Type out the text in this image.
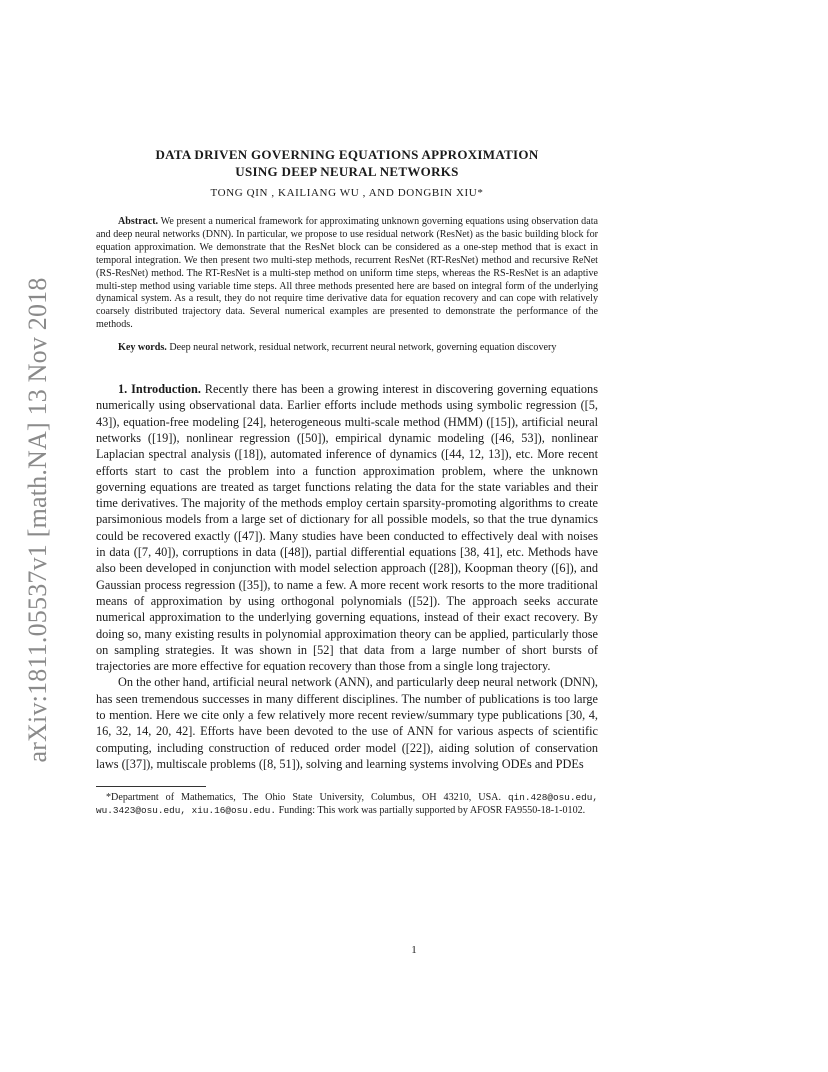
arXiv:1811.05537v1 [math.NA] 13 Nov 2018
DATA DRIVEN GOVERNING EQUATIONS APPROXIMATION
USING DEEP NEURAL NETWORKS
TONG QIN , KAILIANG WU , AND DONGBIN XIU*

Abstract. We present a numerical framework for approximating unknown governing equations using observation data and deep neural networks (DNN). In particular, we propose to use residual network (ResNet) as the basic building block for equation approximation. We demonstrate that the ResNet block can be considered as a one-step method that is exact in temporal integration. We then present two multi-step methods, recurrent ResNet (RT-ResNet) method and recursive ReNet (RS-ResNet) method. The RT-ResNet is a multi-step method on uniform time steps, whereas the RS-ResNet is an adaptive multi-step method using variable time steps. All three methods presented here are based on integral form of the underlying dynamical system. As a result, they do not require time derivative data for equation recovery and can cope with relatively coarsely distributed trajectory data. Several numerical examples are presented to demonstrate the performance of the methods.

Key words. Deep neural network, residual network, recurrent neural network, governing equation discovery

1. Introduction. Recently there has been a growing interest in discovering governing equations numerically using observational data. Earlier efforts include methods using symbolic regression ([5, 43]), equation-free modeling [24], heterogeneous multi-scale method (HMM) ([15]), artificial neural networks ([19]), nonlinear regression ([50]), empirical dynamic modeling ([46, 53]), nonlinear Laplacian spectral analysis ([18]), automated inference of dynamics ([44, 12, 13]), etc. More recent efforts start to cast the problem into a function approximation problem, where the unknown governing equations are treated as target functions relating the data for the state variables and their time derivatives. The majority of the methods employ certain sparsity-promoting algorithms to create parsimonious models from a large set of dictionary for all possible models, so that the true dynamics could be recovered exactly ([47]). Many studies have been conducted to effectively deal with noises in data ([7, 40]), corruptions in data ([48]), partial differential equations [38, 41], etc. Methods have also been developed in conjunction with model selection approach ([28]), Koopman theory ([6]), and Gaussian process regression ([35]), to name a few. A more recent work resorts to the more traditional means of approximation by using orthogonal polynomials ([52]). The approach seeks accurate numerical approximation to the underlying governing equations, instead of their exact recovery. By doing so, many existing results in polynomial approximation theory can be applied, particularly those on sampling strategies. It was shown in [52] that data from a large number of short bursts of trajectories are more effective for equation recovery than those from a single long trajectory.

On the other hand, artificial neural network (ANN), and particularly deep neural network (DNN), has seen tremendous successes in many different disciplines. The number of publications is too large to mention. Here we cite only a few relatively more recent review/summary type publications [30, 4, 16, 32, 14, 20, 42]. Efforts have been devoted to the use of ANN for various aspects of scientific computing, including construction of reduced order model ([22]), aiding solution of conservation laws ([37]), multiscale problems ([8, 51]), solving and learning systems involving ODEs and PDEs

*Department of Mathematics, The Ohio State University, Columbus, OH 43210, USA. qin.428@osu.edu, wu.3423@osu.edu, xiu.16@osu.edu. Funding: This work was partially supported by AFOSR FA9550-18-1-0102.

1
